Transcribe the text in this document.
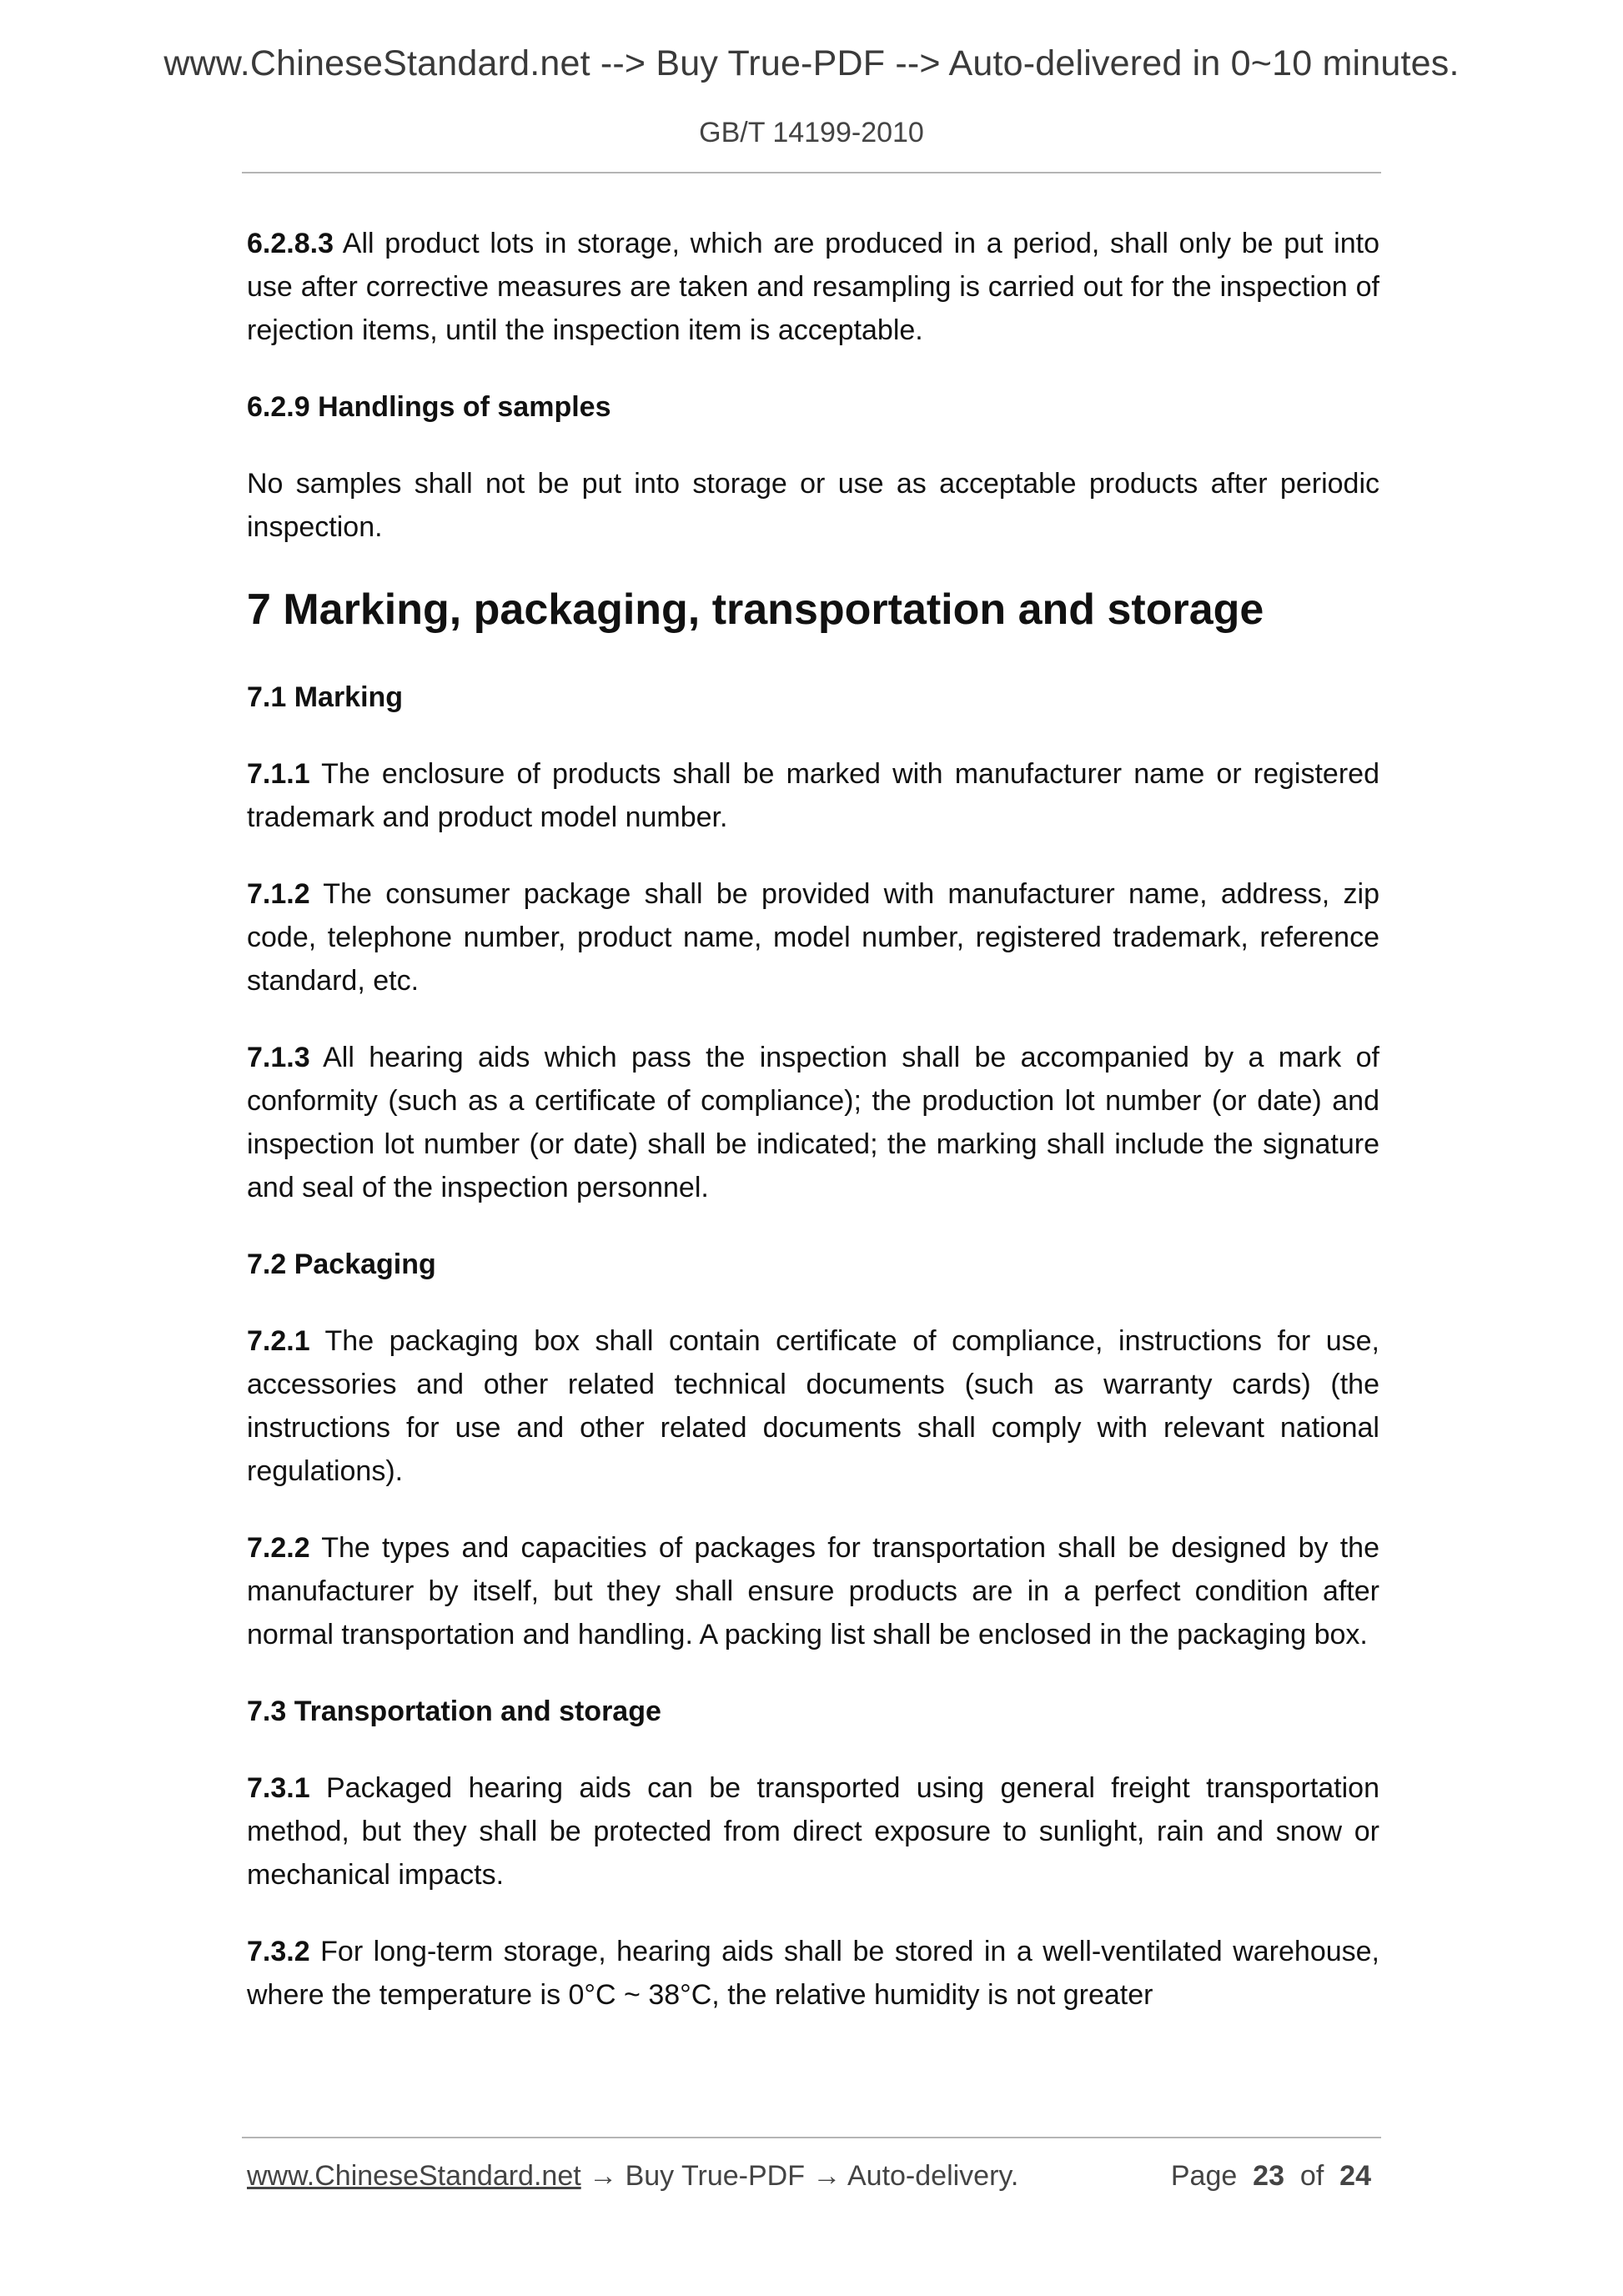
www.ChineseStandard.net --> Buy True-PDF --> Auto-delivered in 0~10 minutes.
GB/T 14199-2010

6.2.8.3 All product lots in storage, which are produced in a period, shall only be put into use after corrective measures are taken and resampling is carried out for the inspection of rejection items, until the inspection item is acceptable.

6.2.9 Handlings of samples

No samples shall not be put into storage or use as acceptable products after periodic inspection.

7 Marking, packaging, transportation and storage
7.1 Marking

7.1.1 The enclosure of products shall be marked with manufacturer name or registered trademark and product model number.

7.1.2 The consumer package shall be provided with manufacturer name, address, zip code, telephone number, product name, model number, registered trademark, reference standard, etc.

7.1.3 All hearing aids which pass the inspection shall be accompanied by a mark of conformity (such as a certificate of compliance); the production lot number (or date) and inspection lot number (or date) shall be indicated; the marking shall include the signature and seal of the inspection personnel.

7.2 Packaging

7.2.1 The packaging box shall contain certificate of compliance, instructions for use, accessories and other related technical documents (such as warranty cards) (the instructions for use and other related documents shall comply with relevant national regulations).

7.2.2 The types and capacities of packages for transportation shall be designed by the manufacturer by itself, but they shall ensure products are in a perfect condition after normal transportation and handling. A packing list shall be enclosed in the packaging box.

7.3 Transportation and storage

7.3.1 Packaged hearing aids can be transported using general freight transportation method, but they shall be protected from direct exposure to sunlight, rain and snow or mechanical impacts.

7.3.2 For long-term storage, hearing aids shall be stored in a well-ventilated warehouse, where the temperature is 0°C ~ 38°C, the relative humidity is not greater

www.ChineseStandard.net → Buy True-PDF → Auto-delivery.	Page 23 of 24
